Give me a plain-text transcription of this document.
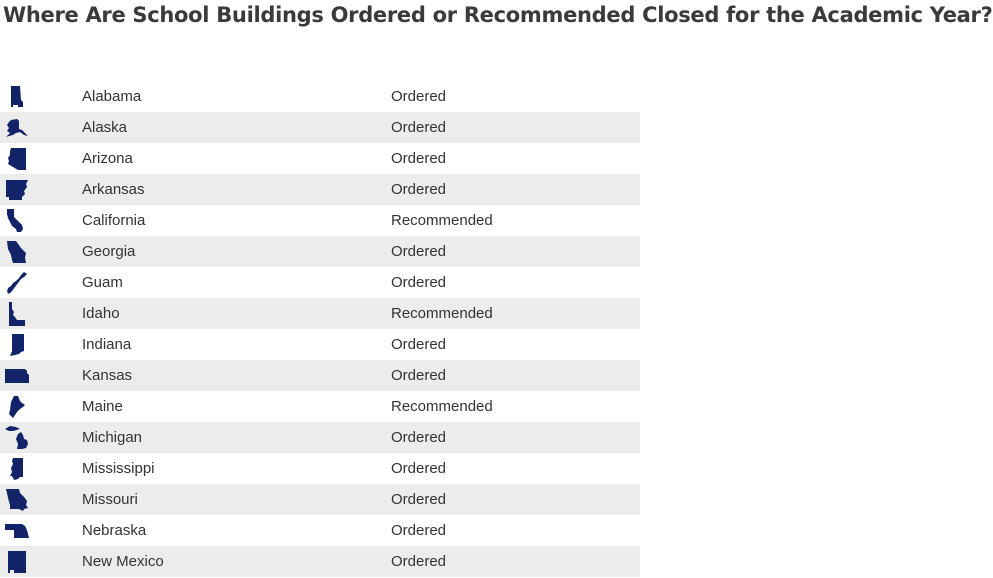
Where Are School Buildings Ordered or Recommended Closed for the Academic Year?
Alabama	Ordered
Alaska	Ordered
Arizona	Ordered
Arkansas	Ordered
California	Recommended
Georgia	Ordered
Guam	Ordered
Idaho	Recommended
Indiana	Ordered
Kansas	Ordered
Maine	Recommended
Michigan	Ordered
Mississippi	Ordered
Missouri	Ordered
Nebraska	Ordered
New Mexico	Ordered
